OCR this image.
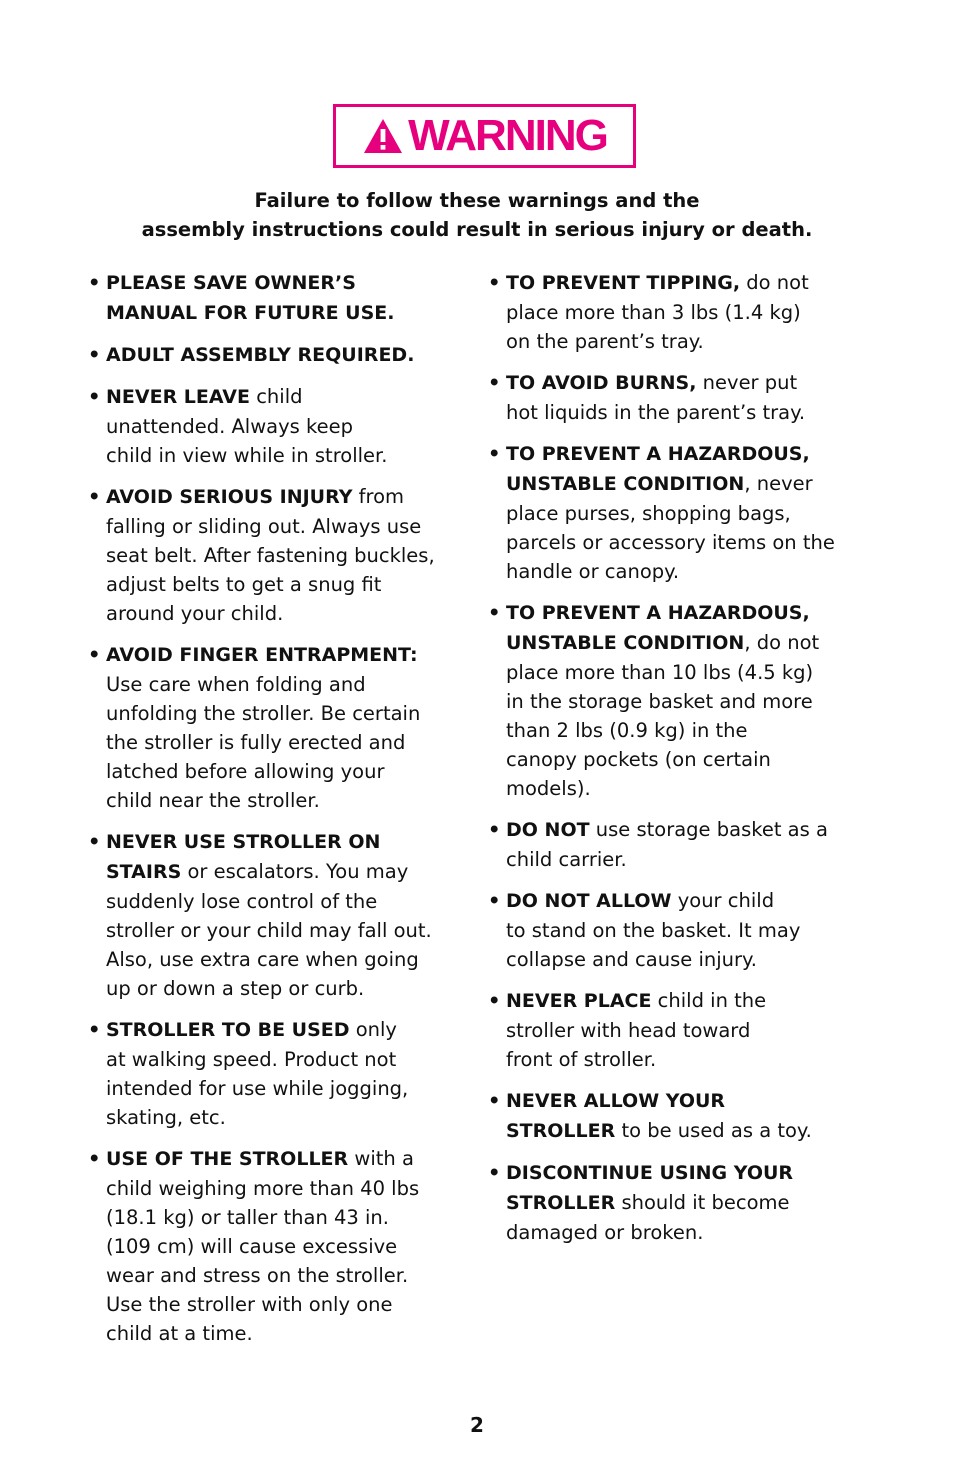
WARNING
Failure to follow these warnings and the
assembly instructions could result in serious injury or death.
• PLEASE SAVE OWNER’S
MANUAL FOR FUTURE USE.
• ADULT ASSEMBLY REQUIRED.
• NEVER LEAVE child
unattended. Always keep
child in view while in stroller.
• AVOID SERIOUS INJURY from
falling or sliding out. Always use
seat belt. After fastening buckles,
adjust belts to get a snug fit
around your child.
• AVOID FINGER ENTRAPMENT:
Use care when folding and
unfolding the stroller. Be certain
the stroller is fully erected and
latched before allowing your
child near the stroller.
• NEVER USE STROLLER ON
STAIRS or escalators. You may
suddenly lose control of the
stroller or your child may fall out.
Also, use extra care when going
up or down a step or curb.
• STROLLER TO BE USED only
at walking speed. Product not
intended for use while jogging,
skating, etc.
• USE OF THE STROLLER with a
child weighing more than 40 lbs
(18.1 kg) or taller than 43 in.
(109 cm) will cause excessive
wear and stress on the stroller.
Use the stroller with only one
child at a time.
• TO PREVENT TIPPING, do not
place more than 3 lbs (1.4 kg)
on the parent’s tray.
• TO AVOID BURNS, never put
hot liquids in the parent’s tray.
• TO PREVENT A HAZARDOUS,
UNSTABLE CONDITION, never
place purses, shopping bags,
parcels or accessory items on the
handle or canopy.
• TO PREVENT A HAZARDOUS,
UNSTABLE CONDITION, do not
place more than 10 lbs (4.5 kg)
in the storage basket and more
than 2 lbs (0.9 kg) in the
canopy pockets (on certain
models).
• DO NOT use storage basket as a
child carrier.
• DO NOT ALLOW your child
to stand on the basket. It may
collapse and cause injury.
• NEVER PLACE child in the
stroller with head toward
front of stroller.
• NEVER ALLOW YOUR
STROLLER to be used as a toy.
• DISCONTINUE USING YOUR
STROLLER should it become
damaged or broken.
2
